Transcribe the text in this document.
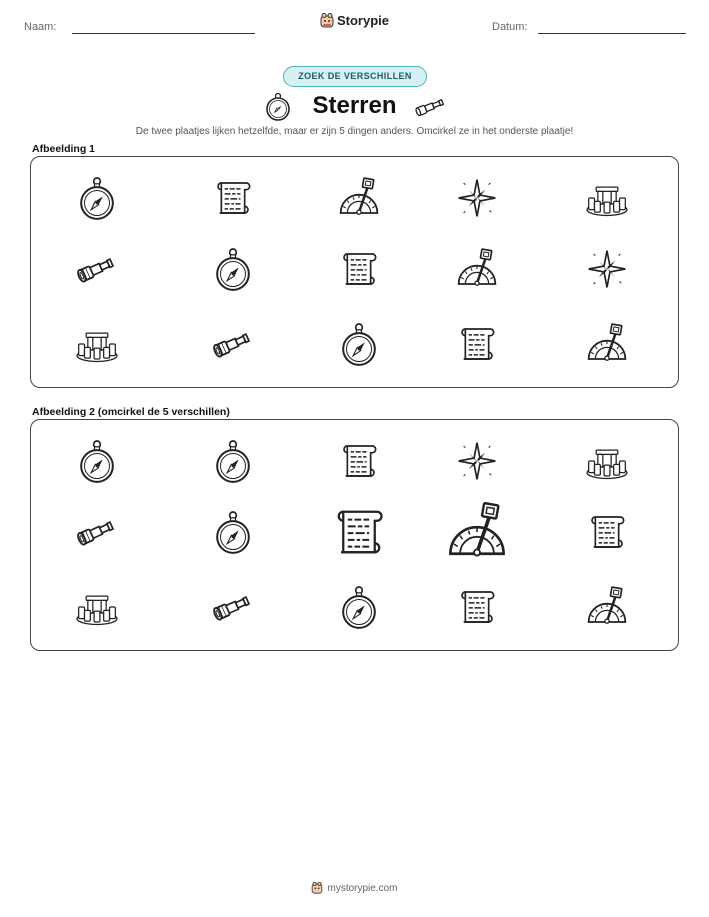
Naam:	Storypie	Datum:
ZOEK DE VERSCHILLEN
Sterren
De twee plaatjes lijken hetzelfde, maar er zijn 5 dingen anders. Omcirkel ze in het onderste plaatje!
Afbeelding 1
Afbeelding 2 (omcirkel de 5 verschillen)
mystorypie.com
